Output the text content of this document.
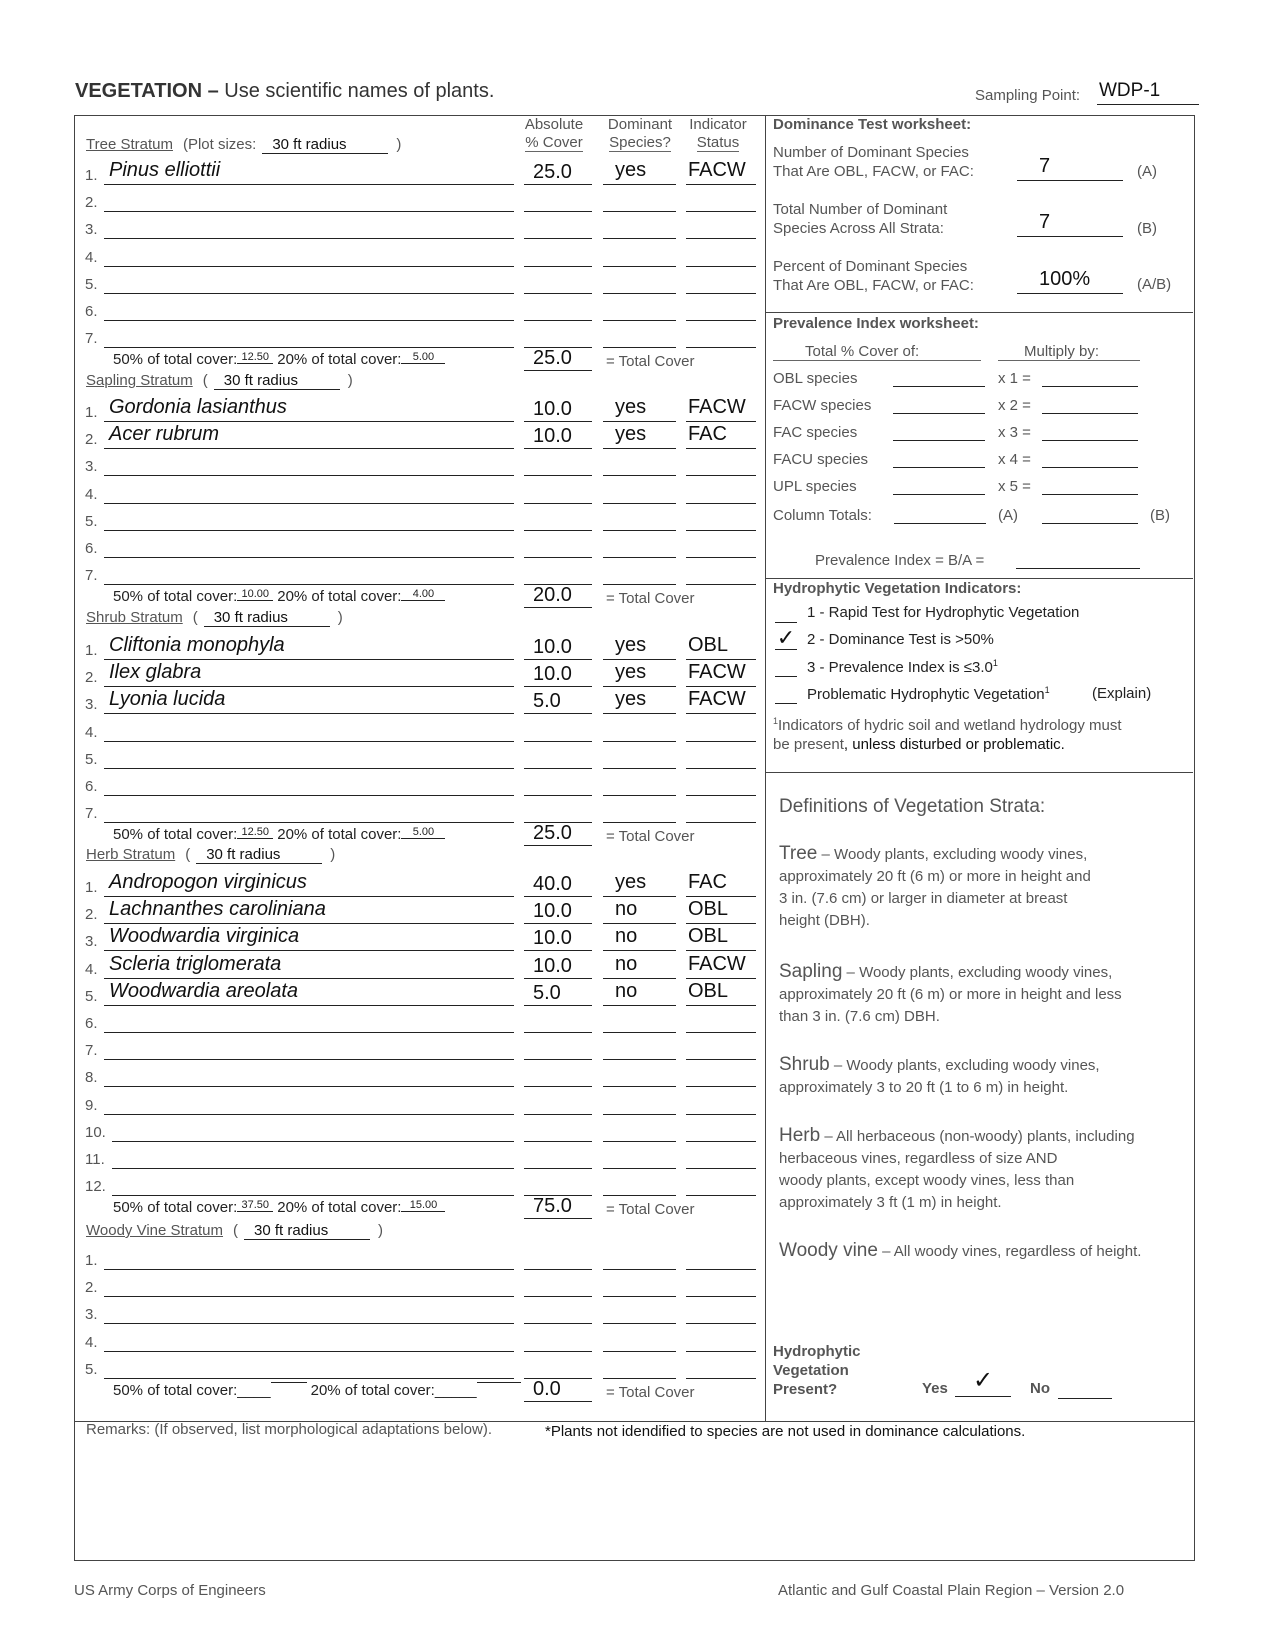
VEGETATION – Use scientific names of plants.	Sampling Point: WDP-1
Absolute
% Cover
Dominant
Species?
Indicator
Status
Tree Stratum (Plot sizes: 30 ft radius	)
1. Pinus elliottii	25.0	yes	FACW
2.
3.
4.
5.
6.
7.
50% of total cover: 12.50 20% of total cover: 5.00	25.0	= Total Cover
Sapling Stratum ( 30 ft radius	)
1. Gordonia lasianthus	10.0	yes	FACW
2. Acer rubrum	10.0	yes	FAC
3.
4.
5.
6.
7.
50% of total cover: 10.00 20% of total cover: 4.00	20.0	= Total Cover
Shrub Stratum ( 30 ft radius	)
1. Cliftonia monophyla	10.0	yes	OBL
2. Ilex glabra	10.0	yes	FACW
3. Lyonia lucida	5.0	yes	FACW
4.
5.
6.
7.
50% of total cover: 12.50 20% of total cover: 5.00	25.0	= Total Cover
Herb Stratum ( 30 ft radius	)
1. Andropogon virginicus	40.0	yes	FAC
2. Lachnanthes caroliniana	10.0	no	OBL
3. Woodwardia virginica	10.0	no	OBL
4. Scleria triglomerata	10.0	no	FACW
5. Woodwardia areolata	5.0	no	OBL
6.
7.
8.
9.
10.
11.
12.
50% of total cover: 37.50 20% of total cover: 15.00	75.0	= Total Cover
Woody Vine Stratum ( 30 ft radius	)
1.
2.
3.
4.
5.
50% of total cover:____	20% of total cover:_____	0.0	= Total Cover
Dominance Test worksheet:
Number of Dominant Species
That Are OBL, FACW, or FAC:	7	(A)
Total Number of Dominant
Species Across All Strata:	7	(B)
Percent of Dominant Species
That Are OBL, FACW, or FAC:	100%	(A/B)
Prevalence Index worksheet:
Total % Cover of:	Multiply by:
OBL species	x 1 =
FACW species	x 2 =
FAC species	x 3 =
FACU species	x 4 =
UPL species	x 5 =
Column Totals:	(A)	(B)
Prevalence Index = B/A =
Hydrophytic Vegetation Indicators:
1 - Rapid Test for Hydrophytic Vegetation
✓ 2 - Dominance Test is >50%
3 - Prevalence Index is $\le 3.0^1$
Problematic Hydrophytic Vegetation$^1$	(Explain)
$^1$Indicators of hydric soil and wetland hydrology must
be present, unless disturbed or problematic.
Definitions of Vegetation Strata:
Tree – Woody plants, excluding woody vines,
approximately 20 ft (6 m) or more in height and
3 in. (7.6 cm) or larger in diameter at breast
height (DBH).
Sapling – Woody plants, excluding woody vines,
approximately 20 ft (6 m) or more in height and less
than 3 in. (7.6 cm) DBH.
Shrub – Woody plants, excluding woody vines,
approximately 3 to 20 ft (1 to 6 m) in height.
Herb – All herbaceous (non-woody) plants, including
herbaceous vines, regardless of size AND
woody plants, except woody vines, less than
approximately 3 ft (1 m) in height.
Woody vine – All woody vines, regardless of height.
Hydrophytic
Vegetation
Present?	Yes	✓	No
Remarks: (If observed, list morphological adaptations below).	*Plants not idendified to species are not used in dominance calculations.
US Army Corps of Engineers	Atlantic and Gulf Coastal Plain Region – Version 2.0
